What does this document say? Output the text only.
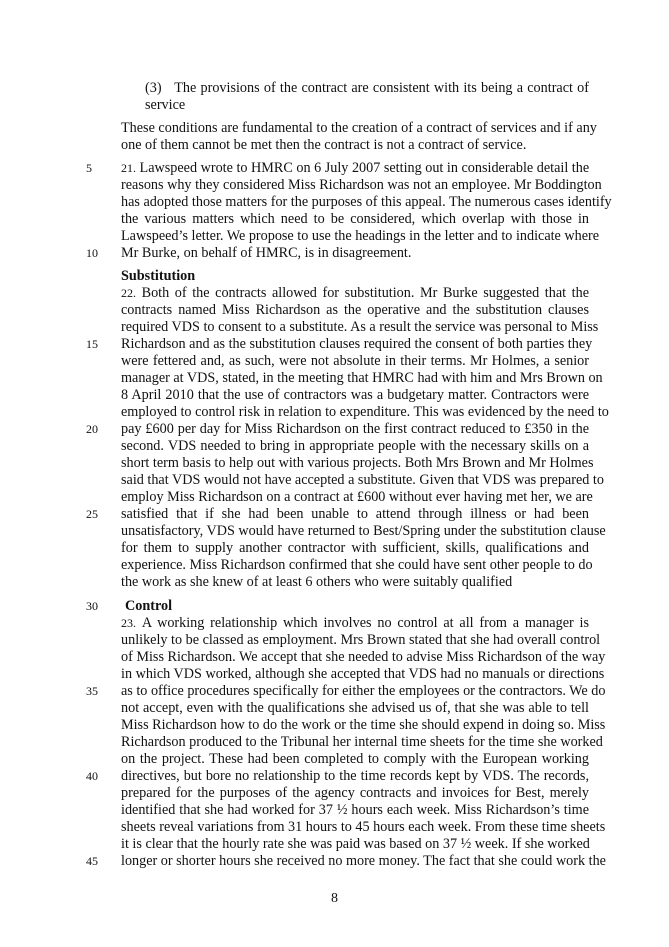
(3) The provisions of the contract are consistent with its being a contract of
service
These conditions are fundamental to the creation of a contract of services and if any
one of them cannot be met then the contract is not a contract of service.
5	21. Lawspeed wrote to HMRC on 6 July 2007 setting out in considerable detail the
reasons why they considered Miss Richardson was not an employee. Mr Boddington
has adopted those matters for the purposes of this appeal. The numerous cases identify
the various matters which need to be considered, which overlap with those in
Lawspeed’s letter. We propose to use the headings in the letter and to indicate where
10	Mr Burke, on behalf of HMRC, is in disagreement.
Substitution
22. Both of the contracts allowed for substitution. Mr Burke suggested that the
contracts named Miss Richardson as the operative and the substitution clauses
required VDS to consent to a substitute. As a result the service was personal to Miss
15	Richardson and as the substitution clauses required the consent of both parties they
were fettered and, as such, were not absolute in their terms. Mr Holmes, a senior
manager at VDS, stated, in the meeting that HMRC had with him and Mrs Brown on
8 April 2010 that the use of contractors was a budgetary matter. Contractors were
employed to control risk in relation to expenditure. This was evidenced by the need to
20	pay £600 per day for Miss Richardson on the first contract reduced to £350 in the
second. VDS needed to bring in appropriate people with the necessary skills on a
short term basis to help out with various projects. Both Mrs Brown and Mr Holmes
said that VDS would not have accepted a substitute. Given that VDS was prepared to
employ Miss Richardson on a contract at £600 without ever having met her, we are
25	satisfied that if she had been unable to attend through illness or had been
unsatisfactory, VDS would have returned to Best/Spring under the substitution clause
for them to supply another contractor with sufficient, skills, qualifications and
experience. Miss Richardson confirmed that she could have sent other people to do
the work as she knew of at least 6 others who were suitably qualified
30	Control
23. A working relationship which involves no control at all from a manager is
unlikely to be classed as employment. Mrs Brown stated that she had overall control
of Miss Richardson. We accept that she needed to advise Miss Richardson of the way
in which VDS worked, although she accepted that VDS had no manuals or directions
35	as to office procedures specifically for either the employees or the contractors. We do
not accept, even with the qualifications she advised us of, that she was able to tell
Miss Richardson how to do the work or the time she should expend in doing so. Miss
Richardson produced to the Tribunal her internal time sheets for the time she worked
on the project. These had been completed to comply with the European working
40	directives, but bore no relationship to the time records kept by VDS. The records,
prepared for the purposes of the agency contracts and invoices for Best, merely
identified that she had worked for 37 ½ hours each week. Miss Richardson’s time
sheets reveal variations from 31 hours to 45 hours each week. From these time sheets
it is clear that the hourly rate she was paid was based on 37 ½ week. If she worked
45	longer or shorter hours she received no more money. The fact that she could work the
8
